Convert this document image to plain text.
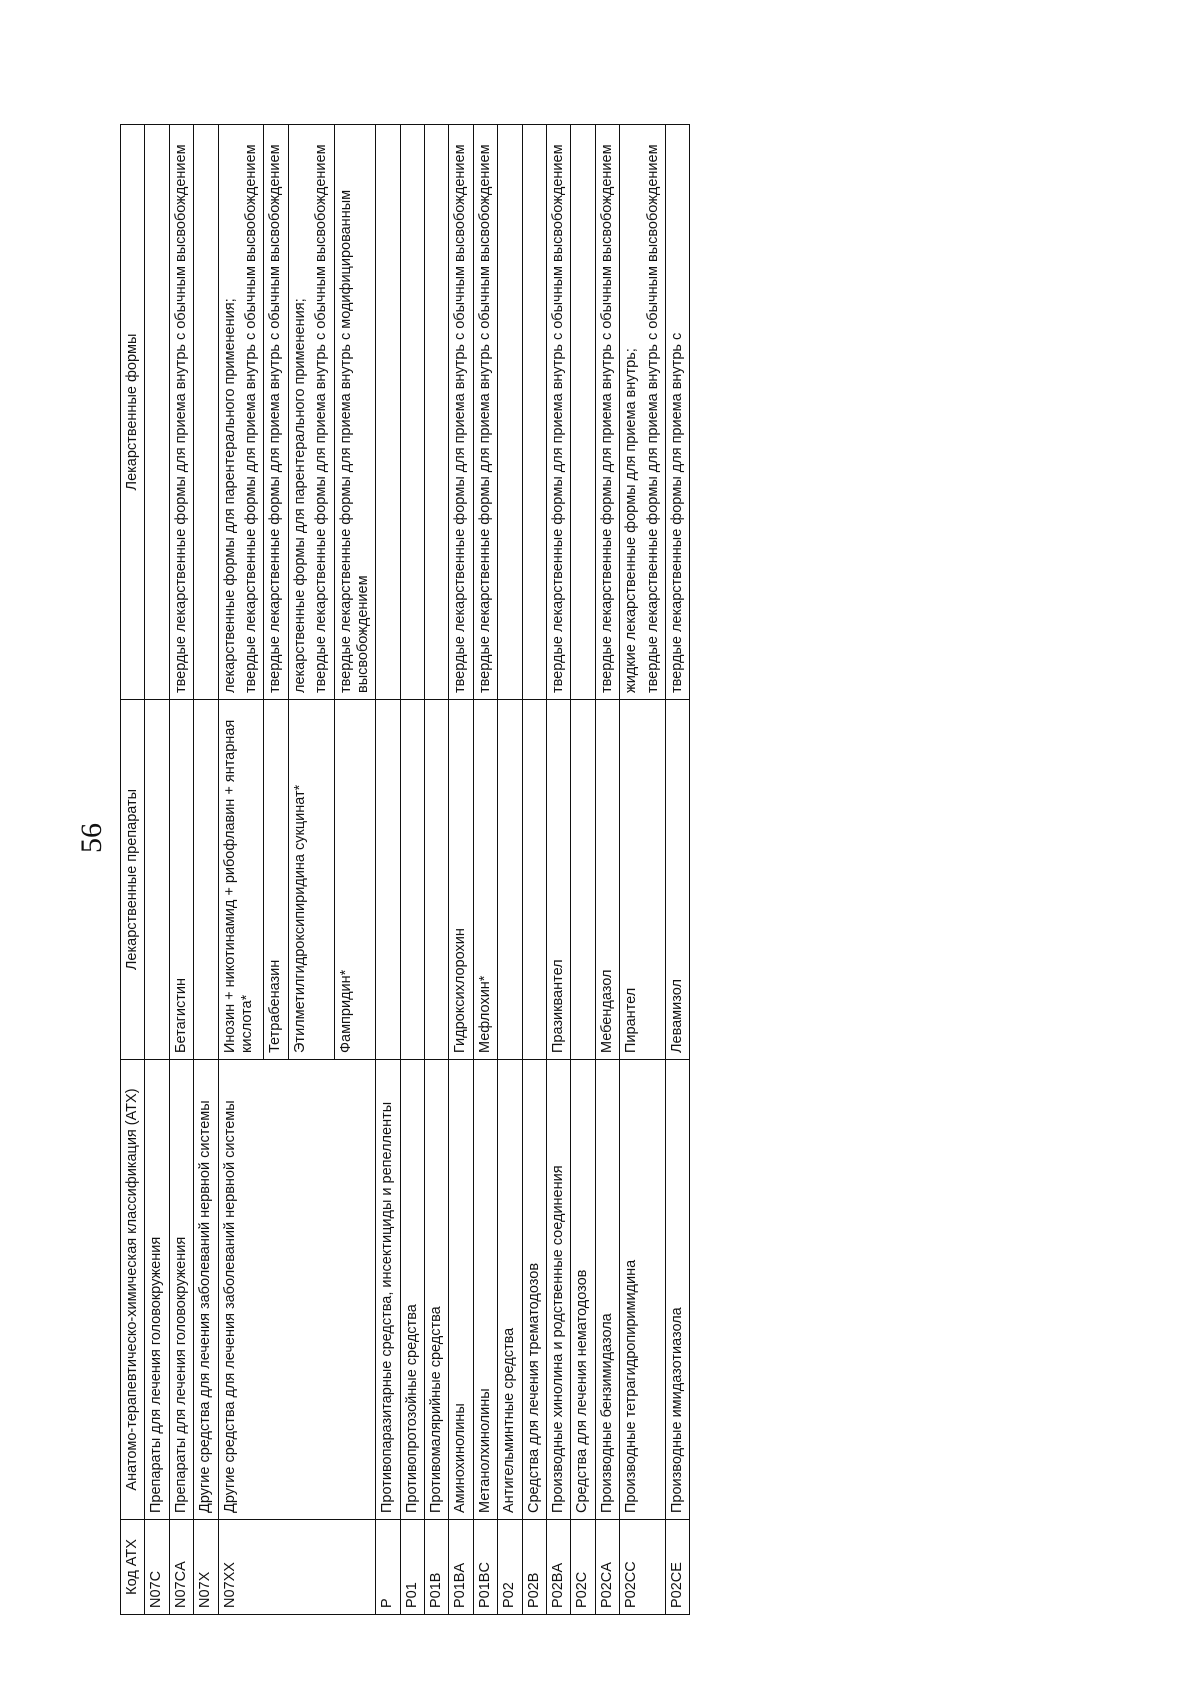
56
Код АТХ	Анатомо-терапевтическо-химическая классификация (АТХ)	Лекарственные препараты	Лекарственные формы
N07C	Препараты для лечения головокружения		
N07CA	Препараты для лечения головокружения	Бетагистин	твердые лекарственные формы для приема внутрь с обычным высвобождением

N07X	Другие средства для лечения заболеваний нервной системы		
N07XX	Другие средства для лечения заболеваний нервной системы	Инозин + никотинамид + рибофлавин + янтарная кислота*	лекарственные формы для парентерального применения; твердые лекарственные формы для приема внутрь с обычным высвобождением

		Тетрабеназин	твердые лекарственные формы для приема внутрь с обычным высвобождением

		Этилметилгидроксипиридина сукцинат*	лекарственные формы для парентерального применения; твердые лекарственные формы для приема внутрь с обычным высвобождением

		Фампридин*	твердые лекарственные формы для приема внутрь с модифицированным высвобождением

P	Противопаразитарные средства, инсектициды и репелленты		
P01	Противопротозойные средства		
P01B	Противомалярийные средства		
P01BA	Аминохинолины	Гидроксихлорохин	твердые лекарственные формы для приема внутрь с обычным высвобождением

P01BC	Метанолхинолины	Мефлохин*	твердые лекарственные формы для приема внутрь с обычным высвобождением

P02	Антигельминтные средства		
P02B	Средства для лечения трематодозов		
P02BA	Производные хинолина и родственные соединения	Празиквантел	твердые лекарственные формы для приема внутрь с обычным высвобождением

P02C	Средства для лечения нематодозов		
P02CA	Производные бензимидазола	Мебендазол	твердые лекарственные формы для приема внутрь с обычным высвобождением

P02CC	Производные тетрагидропиримидина	Пирантел	жидкие лекарственные формы для приема внутрь; твердые лекарственные формы для приема внутрь с обычным высвобождением

P02CE	Производные имидазотиазола	Левамизол	твердые лекарственные формы для приема внутрь с
